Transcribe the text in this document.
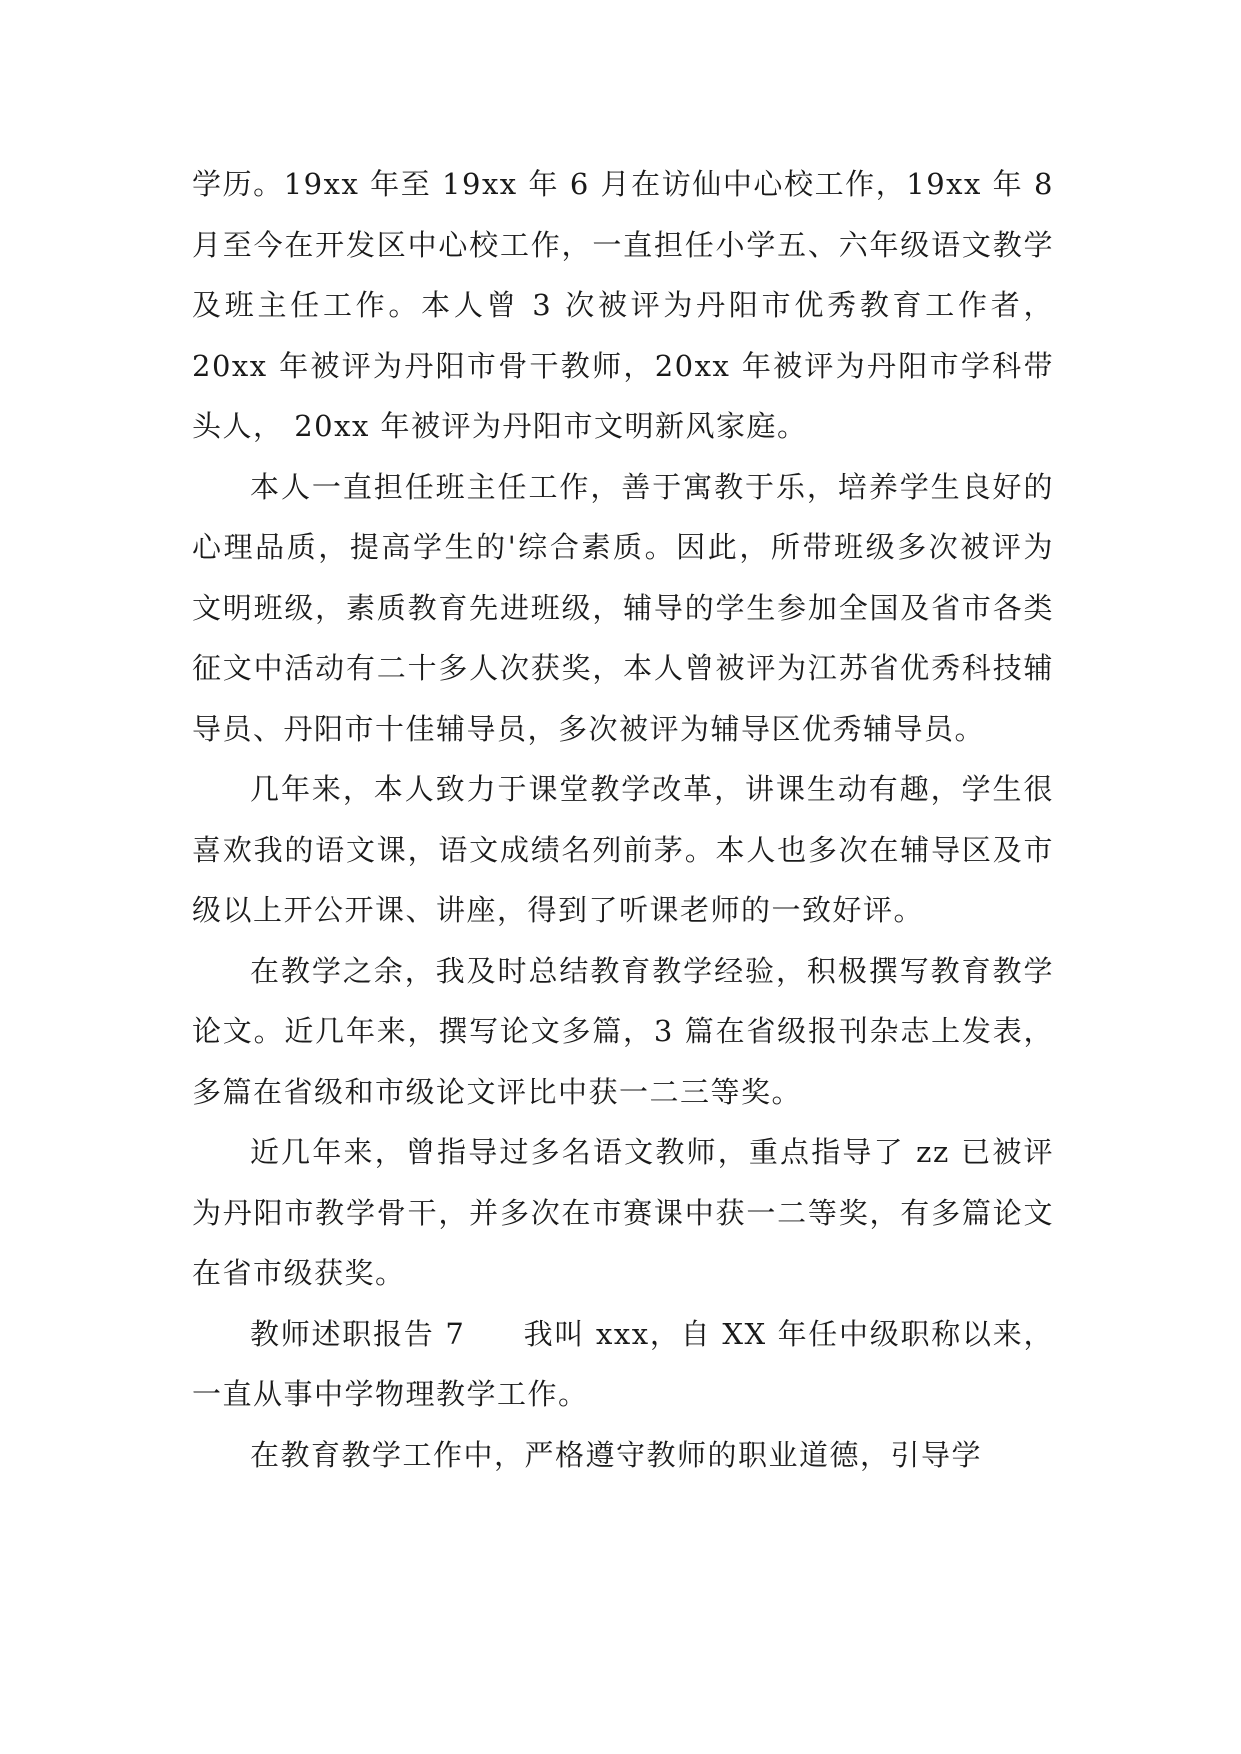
学历。19xx 年至 19xx 年 6 月在访仙中心校工作，19xx 年 8 月至今在开发区中心校工作，一直担任小学五、六年级语文教学及班主任工作。本人曾 3 次被评为丹阳市优秀教育工作者，20xx 年被评为丹阳市骨干教师，20xx 年被评为丹阳市学科带头人， 20xx 年被评为丹阳市文明新风家庭。

本人一直担任班主任工作，善于寓教于乐，培养学生良好的心理品质，提高学生的'综合素质。因此，所带班级多次被评为文明班级，素质教育先进班级，辅导的学生参加全国及省市各类征文中活动有二十多人次获奖，本人曾被评为江苏省优秀科技辅导员、丹阳市十佳辅导员，多次被评为辅导区优秀辅导员。

几年来，本人致力于课堂教学改革，讲课生动有趣，学生很喜欢我的语文课，语文成绩名列前茅。本人也多次在辅导区及市级以上开公开课、讲座，得到了听课老师的一致好评。

在教学之余，我及时总结教育教学经验，积极撰写教育教学论文。近几年来，撰写论文多篇，3 篇在省级报刊杂志上发表，多篇在省级和市级论文评比中获一二三等奖。

近几年来，曾指导过多名语文教师，重点指导了 zz 已被评为丹阳市教学骨干，并多次在市赛课中获一二等奖，有多篇论文在省市级获奖。

教师述职报告 7 我叫 xxx，自 XX 年任中级职称以来，一直从事中学物理教学工作。

在教育教学工作中，严格遵守教师的职业道德，引导学
